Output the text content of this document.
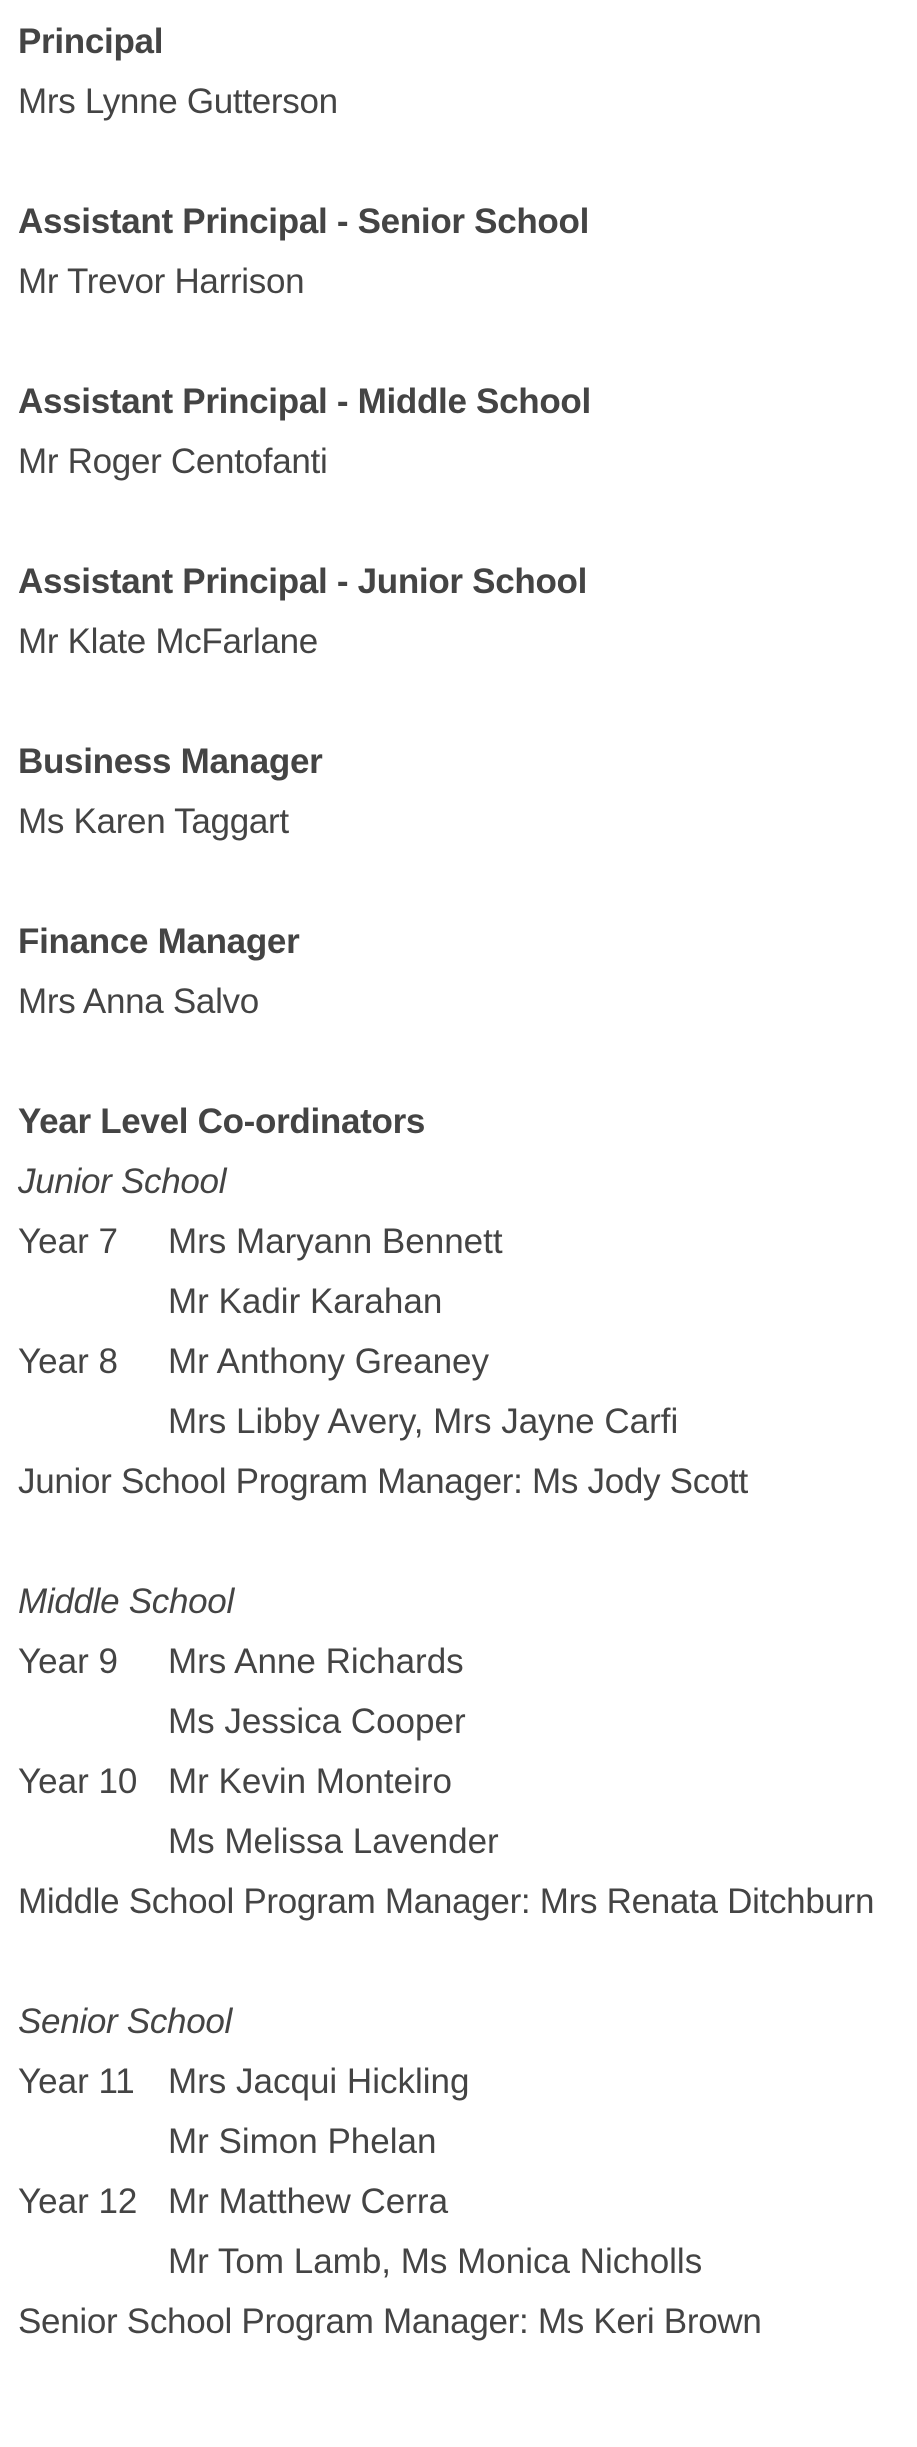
Principal
Mrs Lynne Gutterson
Assistant Principal - Senior School
Mr Trevor Harrison
Assistant Principal - Middle School
Mr Roger Centofanti
Assistant Principal - Junior School
Mr Klate McFarlane
Business Manager
Ms Karen Taggart
Finance Manager
Mrs Anna Salvo
Year Level Co-ordinators
Junior School
Year 7	Mrs Maryann Bennett
Mr Kadir Karahan
Year 8	Mr Anthony Greaney
Mrs Libby Avery, Mrs Jayne Carfi
Junior School Program Manager: Ms Jody Scott
Middle School
Year 9	Mrs Anne Richards
Ms Jessica Cooper
Year 10 Mr Kevin Monteiro
Ms Melissa Lavender
Middle School Program Manager: Mrs Renata Ditchburn
Senior School
Year 11 Mrs Jacqui Hickling
Mr Simon Phelan
Year 12 Mr Matthew Cerra
Mr Tom Lamb, Ms Monica Nicholls
Senior School Program Manager: Ms Keri Brown
